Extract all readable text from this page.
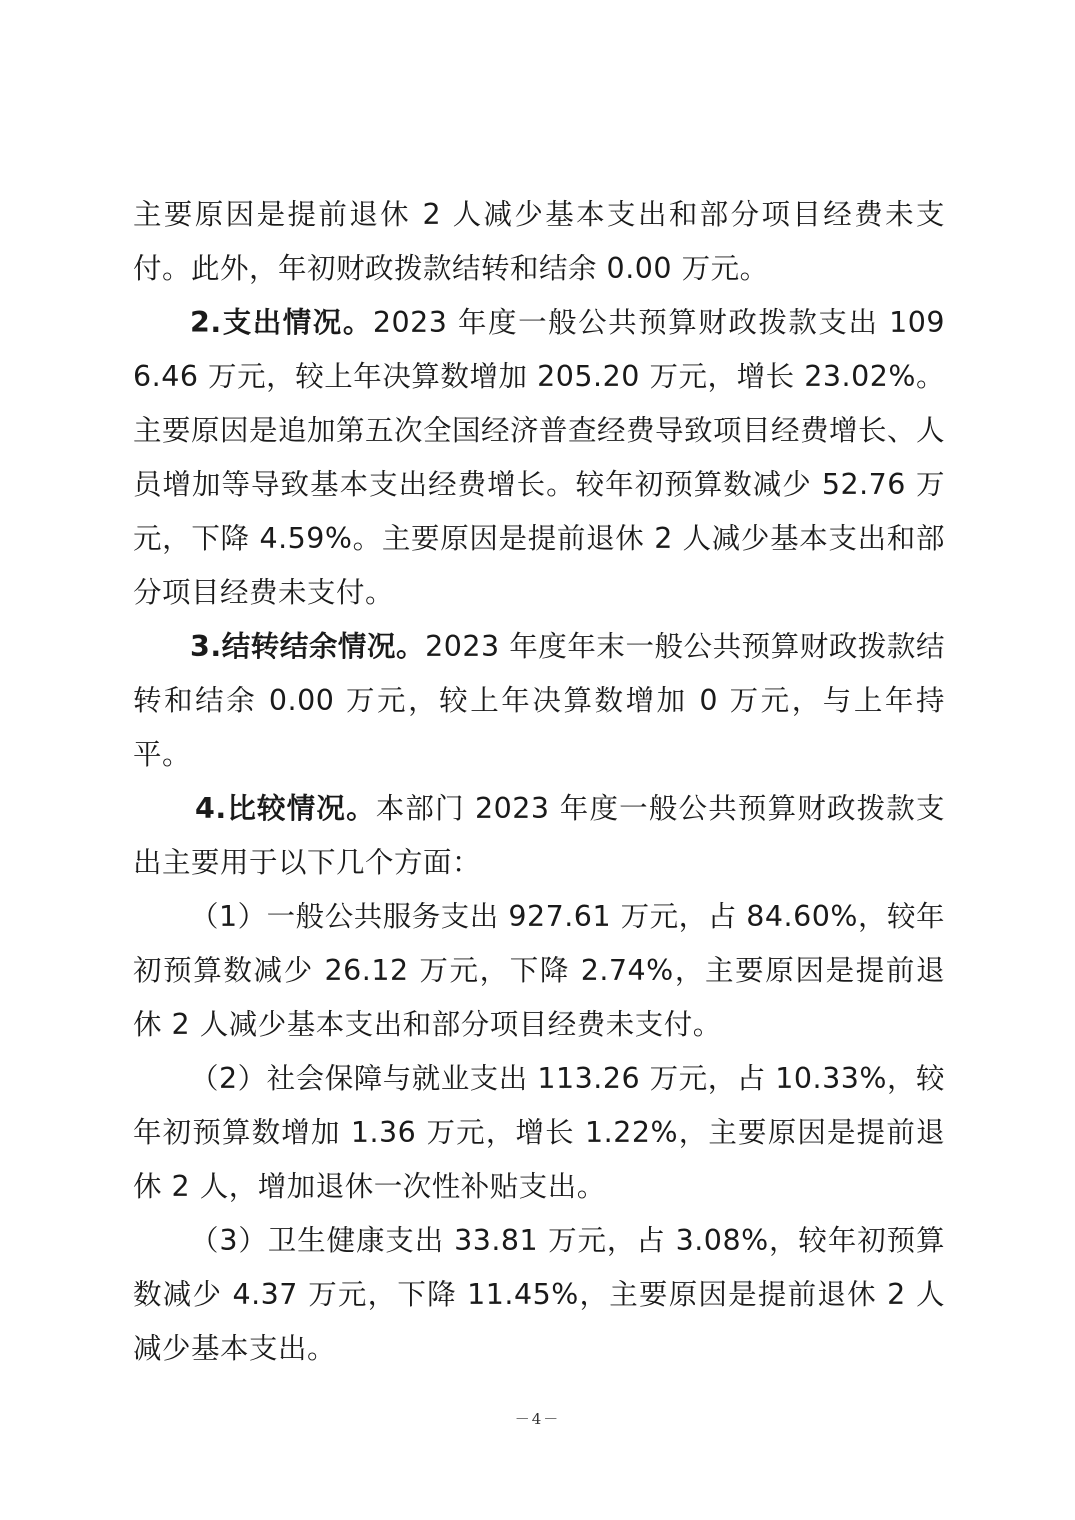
主要原因是提前退休 2 人减少基本支出和部分项目经费未支付。此外，年初财政拨款结转和结余 0.00 万元。

2.支出情况。2023 年度一般公共预算财政拨款支出 1096.46 万元，较上年决算数增加 205.20 万元，增长 23.02%。主要原因是追加第五次全国经济普查经费导致项目经费增长、人员增加等导致基本支出经费增长。较年初预算数减少 52.76 万元，下降 4.59%。主要原因是提前退休 2 人减少基本支出和部分项目经费未支付。

3.结转结余情况。2023 年度年末一般公共预算财政拨款结转和结余 0.00 万元，较上年决算数增加 0 万元，与上年持平。

4.比较情况。本部门 2023 年度一般公共预算财政拨款支出主要用于以下几个方面：

（1）一般公共服务支出 927.61 万元，占 84.60%，较年初预算数减少 26.12 万元，下降 2.74%，主要原因是提前退休 2 人减少基本支出和部分项目经费未支付。

（2）社会保障与就业支出 113.26 万元，占 10.33%，较年初预算数增加 1.36 万元，增长 1.22%，主要原因是提前退休 2 人，增加退休一次性补贴支出。

（3）卫生健康支出 33.81 万元，占 3.08%，较年初预算数减少 4.37 万元，下降 11.45%，主要原因是提前退休 2 人减少基本支出。

－4－
